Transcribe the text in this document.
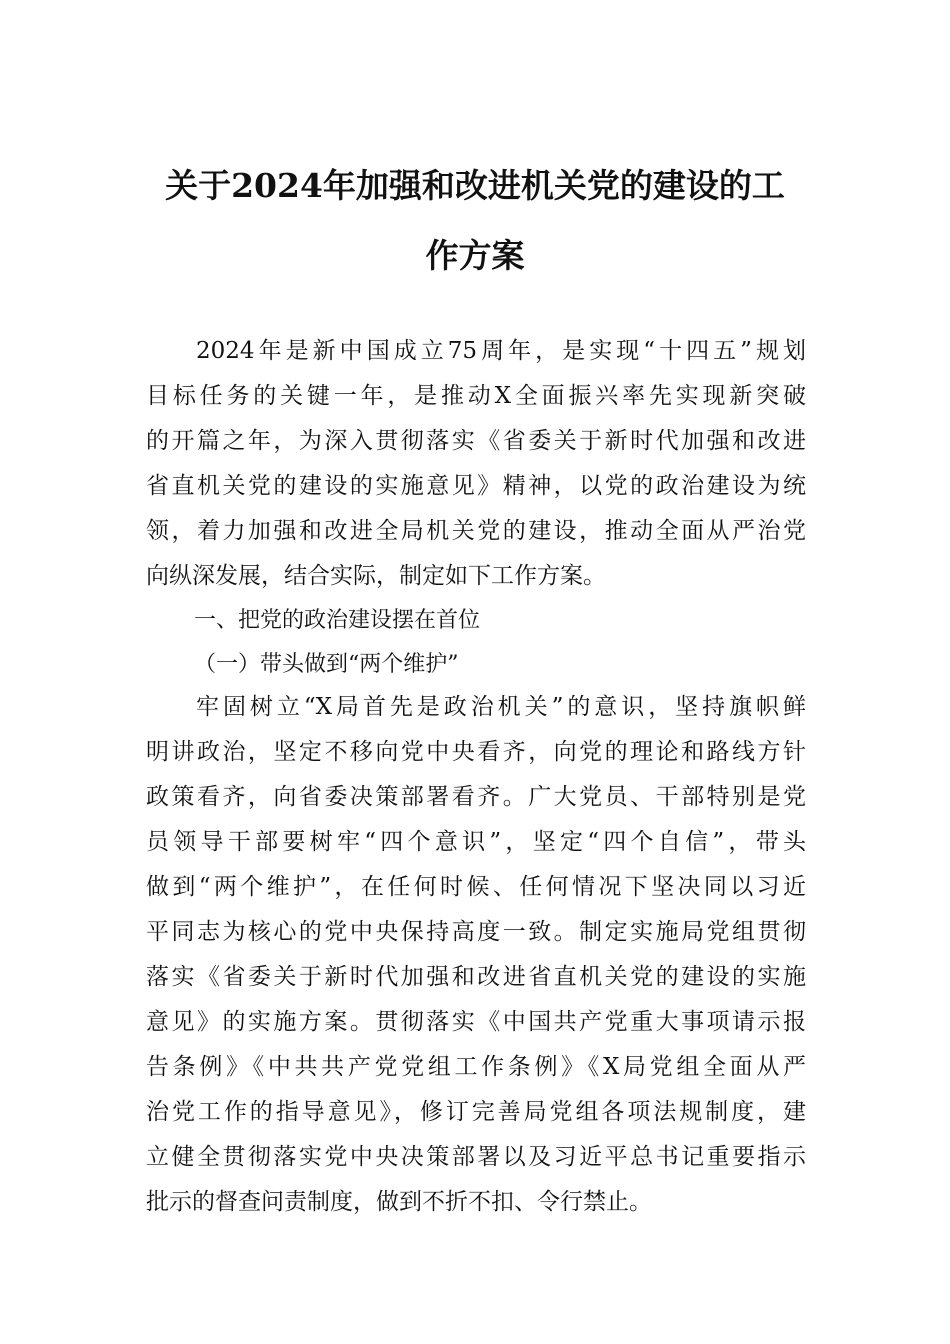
关于2024年加强和改进机关党的建设的工
作方案
2024年是新中国成立75周年，是实现“十四五”规划
目标任务的关键一年，是推动X全面振兴率先实现新突破
的开篇之年，为深入贯彻落实《省委关于新时代加强和改进
省直机关党的建设的实施意见》精神，以党的政治建设为统
领，着力加强和改进全局机关党的建设，推动全面从严治党
向纵深发展，结合实际，制定如下工作方案。
一、把党的政治建设摆在首位
（一）带头做到“两个维护”
牢固树立“X局首先是政治机关”的意识，坚持旗帜鲜
明讲政治，坚定不移向党中央看齐，向党的理论和路线方针
政策看齐，向省委决策部署看齐。广大党员、干部特别是党
员领导干部要树牢“四个意识”，坚定“四个自信”，带头
做到“两个维护”，在任何时候、任何情况下坚决同以习近
平同志为核心的党中央保持高度一致。制定实施局党组贯彻
落实《省委关于新时代加强和改进省直机关党的建设的实施
意见》的实施方案。贯彻落实《中国共产党重大事项请示报
告条例》《中共共产党党组工作条例》《X局党组全面从严
治党工作的指导意见》，修订完善局党组各项法规制度，建
立健全贯彻落实党中央决策部署以及习近平总书记重要指示
批示的督查问责制度，做到不折不扣、令行禁止。
